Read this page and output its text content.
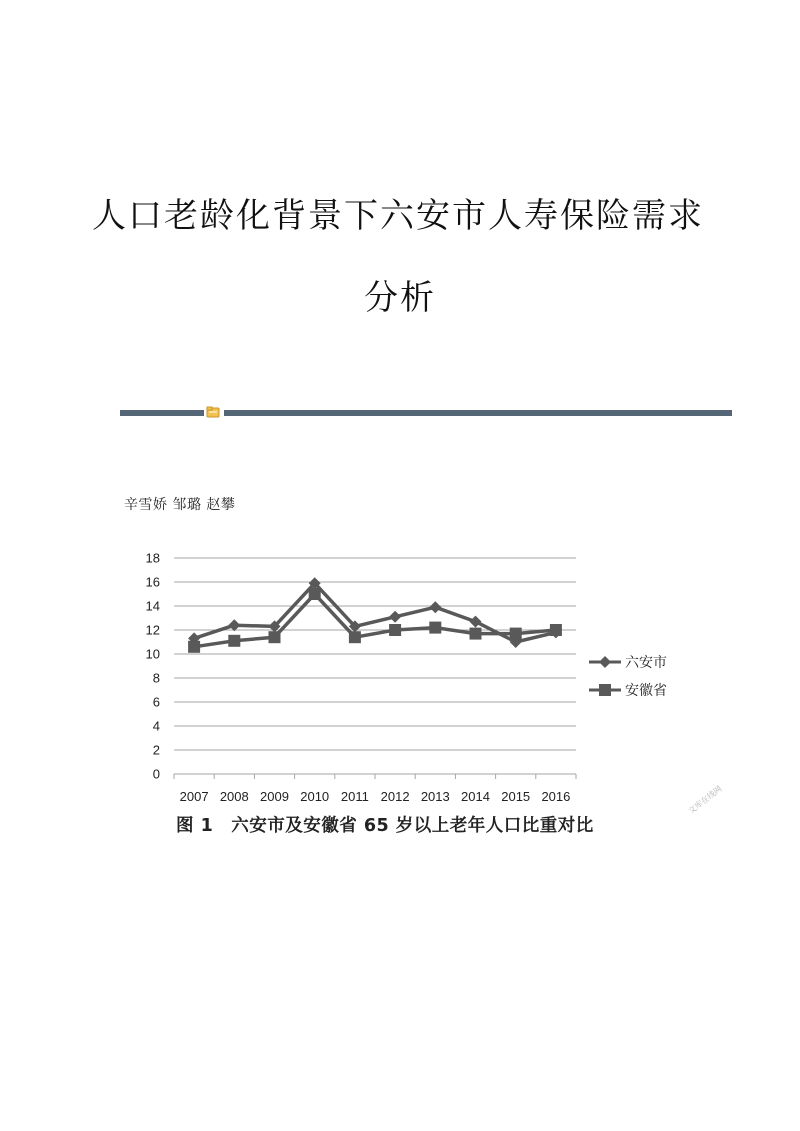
人口老龄化背景下六安市人寿保险需求
分析
辛雪娇 邹璐 赵攀
0
2
4
6
8
10
12
14
16
18
2007 2008 2009 2010 2011 2012 2013 2014 2015 2016
六安市
安徽省
图 1　六安市及安徽省 65 岁以上老年人口比重对比
文库在线网
